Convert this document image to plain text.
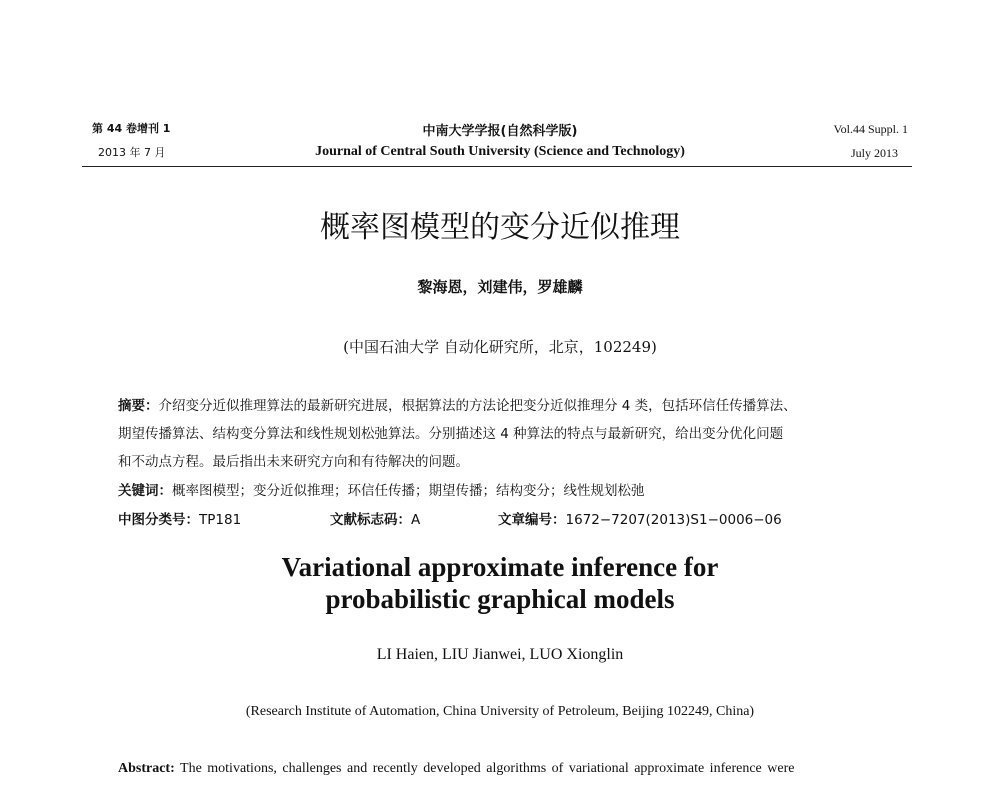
第 44 卷增刊 1
2013 年 7 月
中南大学学报(自然科学版)
Journal of Central South University (Science and Technology)
Vol.44 Suppl. 1
July 2013
概率图模型的变分近似推理
黎海恩，刘建伟，罗雄麟
(中国石油大学 自动化研究所，北京，102249)
摘要：介绍变分近似推理算法的最新研究进展，根据算法的方法论把变分近似推理分 4 类，包括环信任传播算法、
期望传播算法、结构变分算法和线性规划松弛算法。分别描述这 4 种算法的特点与最新研究，给出变分优化问题
和不动点方程。最后指出未来研究方向和有待解决的问题。
关键词：概率图模型；变分近似推理；环信任传播；期望传播；结构变分；线性规划松弛
中图分类号：TP181	文献标志码：A	文章编号：1672−7207(2013)S1−0006−06
Variational approximate inference for
probabilistic graphical models
LI Haien, LIU Jianwei, LUO Xionglin
(Research Institute of Automation, China University of Petroleum, Beijing 102249, China)
Abstract: The motivations, challenges and recently developed algorithms of variational approximate inference were
